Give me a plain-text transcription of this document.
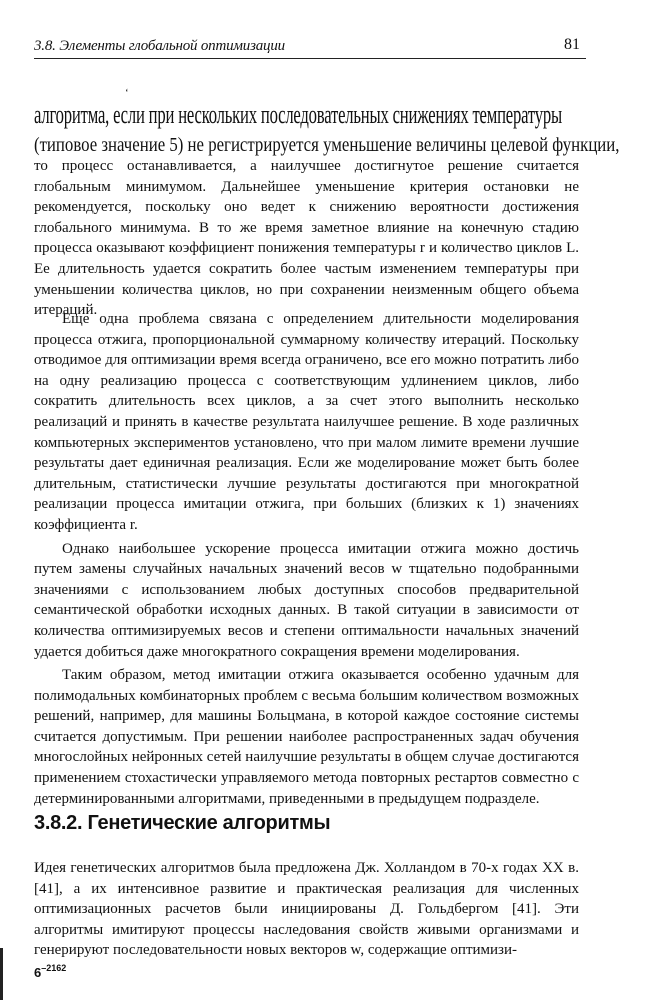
3.8. Элементы глобальной оптимизации	81
ʻ
алгоритма, если при нескольких последовательных снижениях температуры
(типовое значение 5) не регистрируется уменьшение величины целевой функции,

то процесс останавливается, а наилучшее достигнутое решение считается глобальным минимумом. Дальнейшее уменьшение критерия остановки не рекомендуется, поскольку оно ведет к снижению вероятности достижения глобального минимума. В то же время заметное влияние на конечную стадию процесса оказывают коэффициент понижения температуры r и количество циклов L. Ее длительность удается сократить более частым изменением температуры при уменьшении количества циклов, но при сохранении неизменным общего объема итераций.

Еще одна проблема связана с определением длительности моделирования процесса отжига, пропорциональной суммарному количеству итераций. Поскольку отводимое для оптимизации время всегда ограничено, все его можно потратить либо на одну реализацию процесса с соответствующим удлинением циклов, либо сократить длительность всех циклов, а за счет этого выполнить несколько реализаций и принять в качестве результата наилучшее решение. В ходе различных компьютерных экспериментов установлено, что при малом лимите времени лучшие результаты дает единичная реализация. Если же моделирование может быть более длительным, статистически лучшие результаты достигаются при многократной реализации процесса имитации отжига, при больших (близких к 1) значениях коэффициента r.

Однако наибольшее ускорение процесса имитации отжига можно достичь путем замены случайных начальных значений весов w тщательно подобранными значениями с использованием любых доступных способов предварительной семантической обработки исходных данных. В такой ситуации в зависимости от количества оптимизируемых весов и степени оптимальности начальных значений удается добиться даже многократного сокращения времени моделирования.

Таким образом, метод имитации отжига оказывается особенно удачным для полимодальных комбинаторных проблем с весьма большим количеством возможных решений, например, для машины Больцмана, в которой каждое состояние системы считается допустимым. При решении наиболее распространенных задач обучения многослойных нейронных сетей наилучшие результаты в общем случае достигаются применением стохастически управляемого метода повторных рестартов совместно с детерминированными алгоритмами, приведенными в предыдущем подразделе.

3.8.2. Генетические алгоритмы

Идея генетических алгоритмов была предложена Дж. Холландом в 70-х годах XX в. [41], а их интенсивное развитие и практическая реализация для численных оптимизационных расчетов были инициированы Д. Гольдбергом [41]. Эти алгоритмы имитируют процессы наследования свойств живыми организмами и генерируют последовательности новых векторов w, содержащие оптимизи-

$6^{-2162}$
